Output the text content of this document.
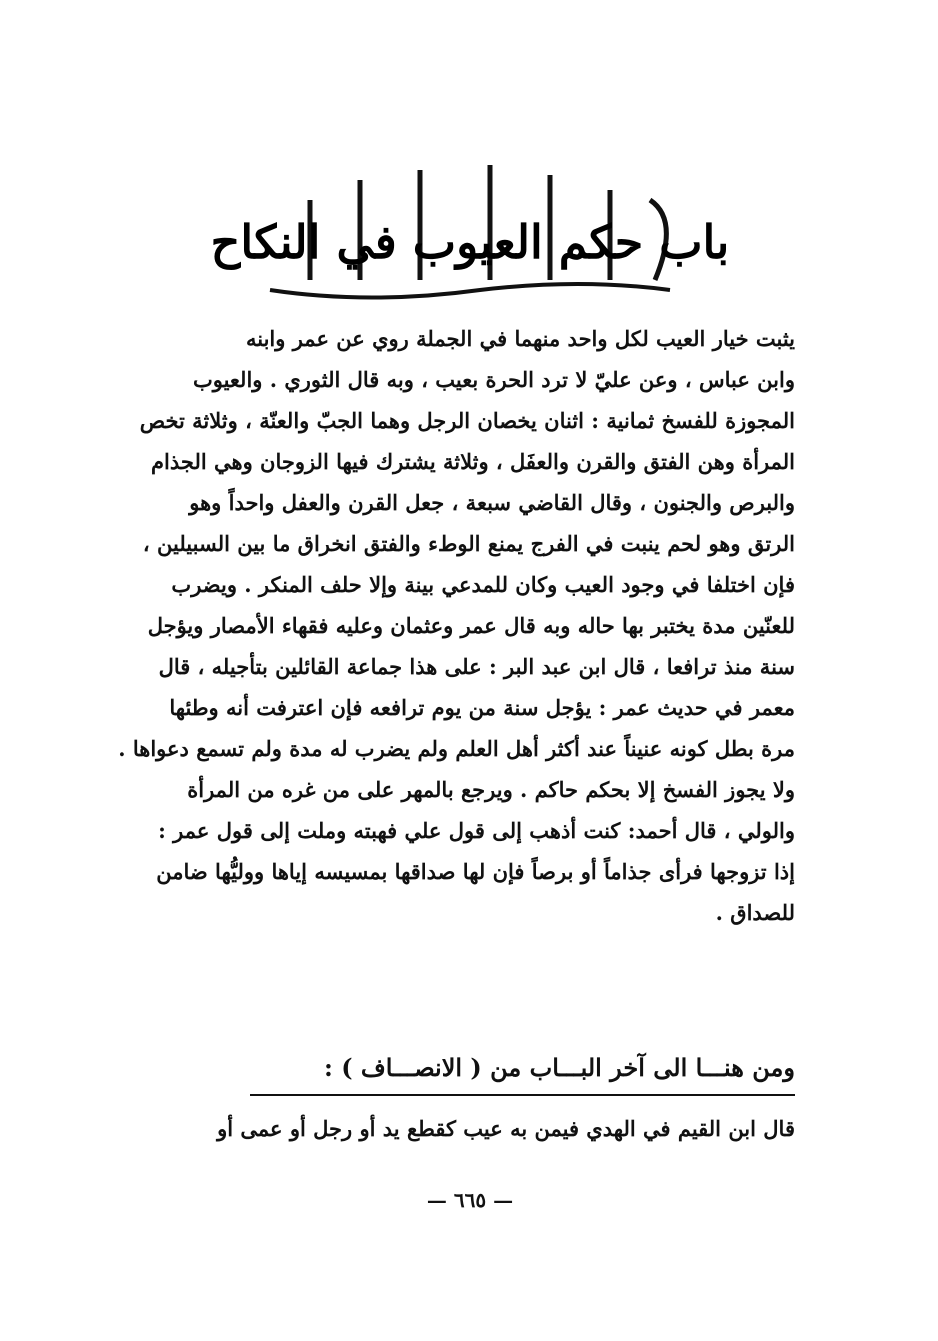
باب حكم العيوب في النكاح
يثبت خيار العيب لكل واحد منهما في الجملة روي عن عمر وابنه
وابن عباس ، وعن عليّ لا ترد الحرة بعيب ، وبه قال الثوري . والعيوب
المجوزة للفسخ ثمانية : اثنان يخصان الرجل وهما الجبّ والعنّة ، وثلاثة تخص
المرأة وهن الفتق والقرن والعفَل ، وثلاثة يشترك فيها الزوجان وهي الجذام
والبرص والجنون ، وقال القاضي سبعة ، جعل القرن والعفل واحداً وهو
الرتق وهو لحم ينبت في الفرج يمنع الوطء والفتق انخراق ما بين السبيلين ،
فإن اختلفا في وجود العيب وكان للمدعي بينة وإلا حلف المنكر . ويضرب
للعنّين مدة يختبر بها حاله وبه قال عمر وعثمان وعليه فقهاء الأمصار ويؤجل
سنة منذ ترافعا ، قال ابن عبد البر : على هذا جماعة القائلين بتأجيله ، قال
معمر في حديث عمر : يؤجل سنة من يوم ترافعه فإن اعترفت أنه وطئها
مرة بطل كونه عنيناً عند أكثر أهل العلم ولم يضرب له مدة ولم تسمع دعواها .
ولا يجوز الفسخ إلا بحكم حاكم . ويرجع بالمهر على من غره من المرأة
والولي ، قال أحمد: كنت أذهب إلى قول علي فهبته وملت إلى قول عمر :
إذا تزوجها فرأى جذاماً أو برصاً فإن لها صداقها بمسيسه إياها ووليُّها ضامن
للصداق .
ومن هنـــا الى آخر البـــاب من ( الانصـــاف ) :
قال ابن القيم في الهدي فيمن به عيب كقطع يد أو رجل أو عمى أو
— ٦٦٥ —
